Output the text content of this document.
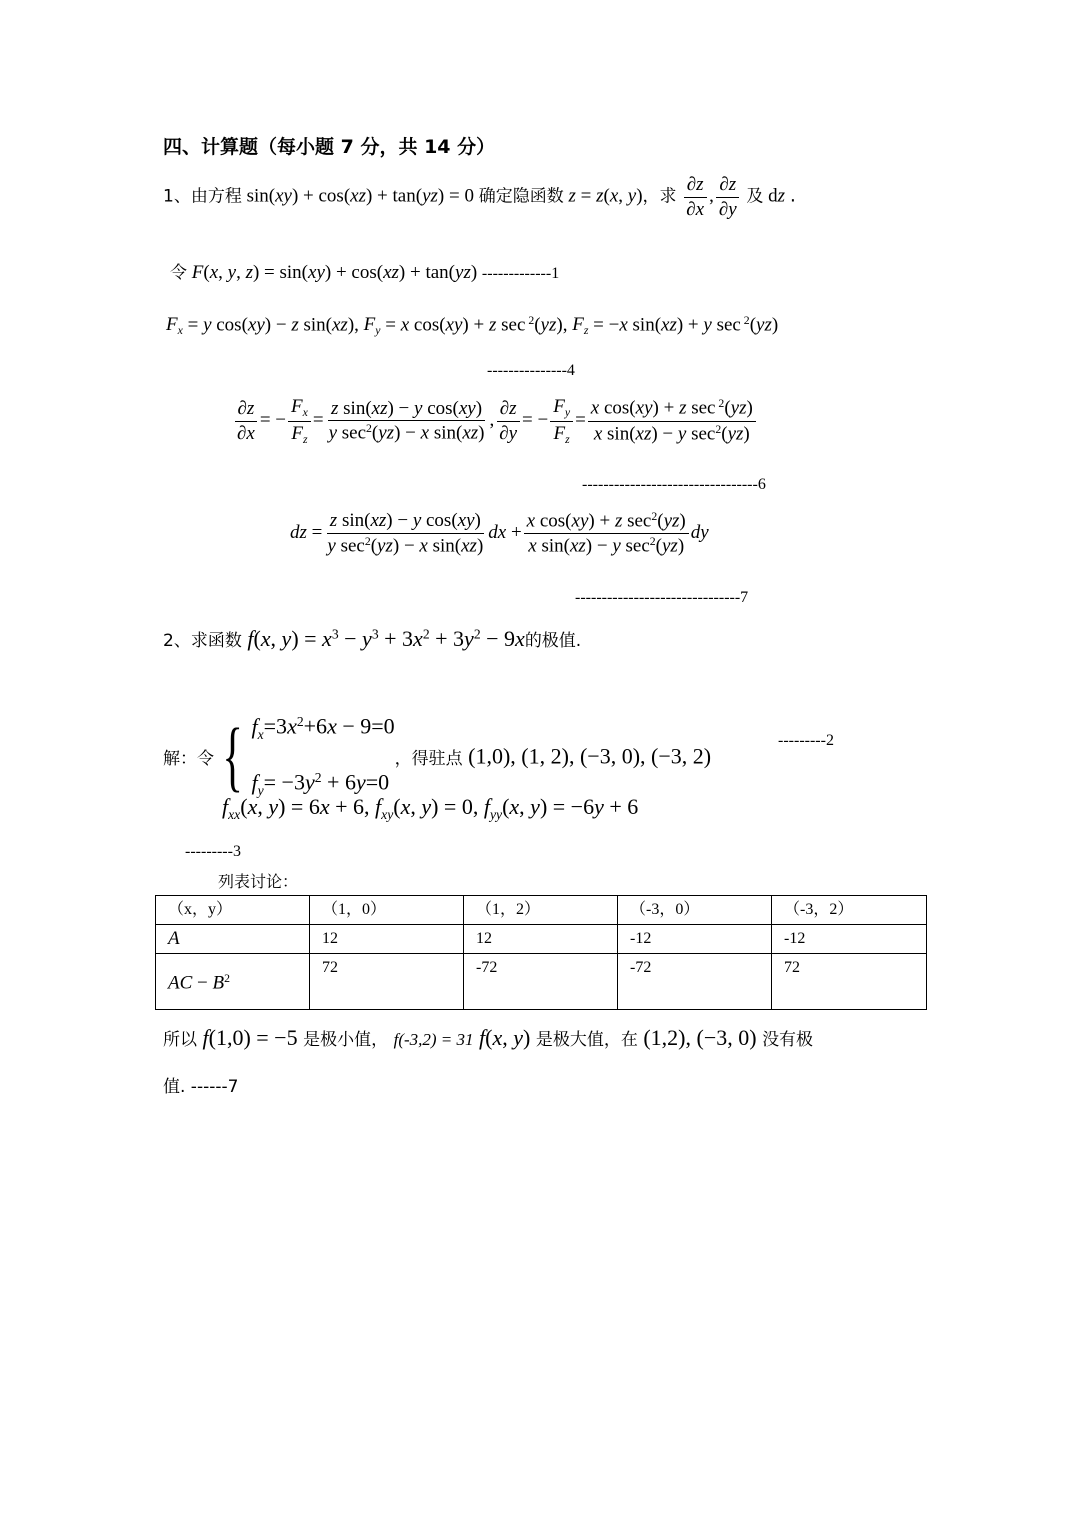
四、计算题（每小题 7 分，共 14 分）
1、由方程 sin(xy) + cos(xz) + tan(yz) = 0 确定隐函数 z = z(x, y)，求 $\frac{\partial z}{\partial x}$ , $\frac{\partial z}{\partial y}$ 及 dz .
令 F(x, y, z) = sin(xy) + cos(xz) + tan(yz) -------------1
$F_x = y$ cos(xy) − z sin(xz), $F_y = x$ cos(xy) + z sec $^2$(yz), $F_z = -x$ sin(xz) + y sec $^2$(yz)
---------------4
$\frac{\partial z}{\partial x}$ = − $\frac{F_x}{F_z} = \frac{\text{z sin(xz) − y cos(xy)}}{y \sec^2(yz) - x \sin(xz)}$ , $\frac{\partial z}{\partial y}$ = − $\frac{F_y}{F_z} = \frac{x \cos(xy) + z \sec ^2(yz)}{x \sin(xz) - y \sec^2(yz)}$
---------------------------------6
dz = $\frac{\text{z sin(xz) − y cos(xy)}}{y \sec^2(yz) - x \sin(xz)}$ dx + $\frac{x \cos(xy) + z \sec^2(yz)}{x \sin(xz) - y \sec^2(yz)}$ dy
-------------------------------7
2、求函数 f(x, $y) = x^3 - y^3 + 3x^2 + 3y^2 - 9x$的极值.
解：令 { $f_x=3x^2+6x - 9=0$
$f_y= -3y^2 + 6y=0$
，得驻点 (1,0), (1, 2), (−3, 0), (−3, 2)
---------2
$f_{xx}(x$, y) = 6x + 6, $f_{xy}(x$, y) = 0, $f_{yy}(x$, y) = −6y + 6
---------3
列表讨论：
（x，y）	（1，0）	（1，2）	（-3，0）	（-3，2）
A	12	12	-12	-12
AC − $B^2$	72	-72	-72	72
所以 f(1,0) = −5 是极小值， f(-3,2) = 31 f(x, y) 是极大值，在 (1,2), (−3, 0) 没有极
值. ------7
